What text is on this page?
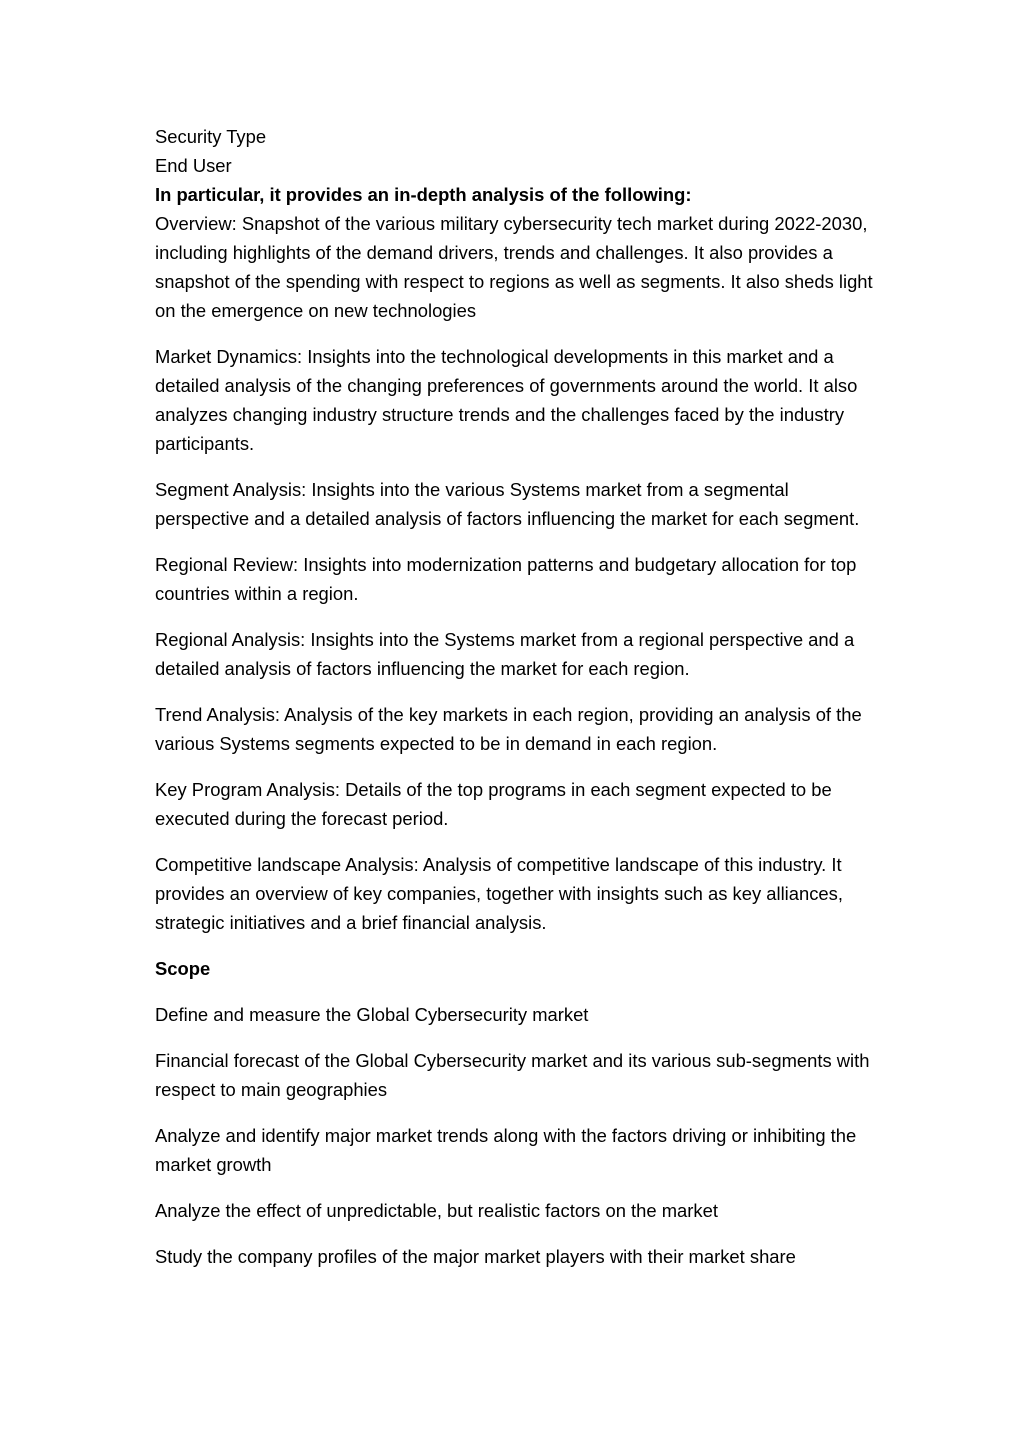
Security Type

End User

In particular, it provides an in-depth analysis of the following:

Overview: Snapshot of the various military cybersecurity tech market during 2022-2030, including highlights of the demand drivers, trends and challenges. It also provides a snapshot of the spending with respect to regions as well as segments. It also sheds light on the emergence on new technologies

Market Dynamics: Insights into the technological developments in this market and a detailed analysis of the changing preferences of governments around the world. It also analyzes changing industry structure trends and the challenges faced by the industry participants.

Segment Analysis: Insights into the various Systems market from a segmental perspective and a detailed analysis of factors influencing the market for each segment.

Regional Review: Insights into modernization patterns and budgetary allocation for top countries within a region.

Regional Analysis: Insights into the Systems market from a regional perspective and a detailed analysis of factors influencing the market for each region.

Trend Analysis: Analysis of the key markets in each region, providing an analysis of the various Systems segments expected to be in demand in each region.

Key Program Analysis: Details of the top programs in each segment expected to be executed during the forecast period.

Competitive landscape Analysis: Analysis of competitive landscape of this industry. It provides an overview of key companies, together with insights such as key alliances, strategic initiatives and a brief financial analysis.

Scope

Define and measure the Global Cybersecurity market

Financial forecast of the Global Cybersecurity market and its various sub-segments with respect to main geographies

Analyze and identify major market trends along with the factors driving or inhibiting the market growth

Analyze the effect of unpredictable, but realistic factors on the market

Study the company profiles of the major market players with their market share
